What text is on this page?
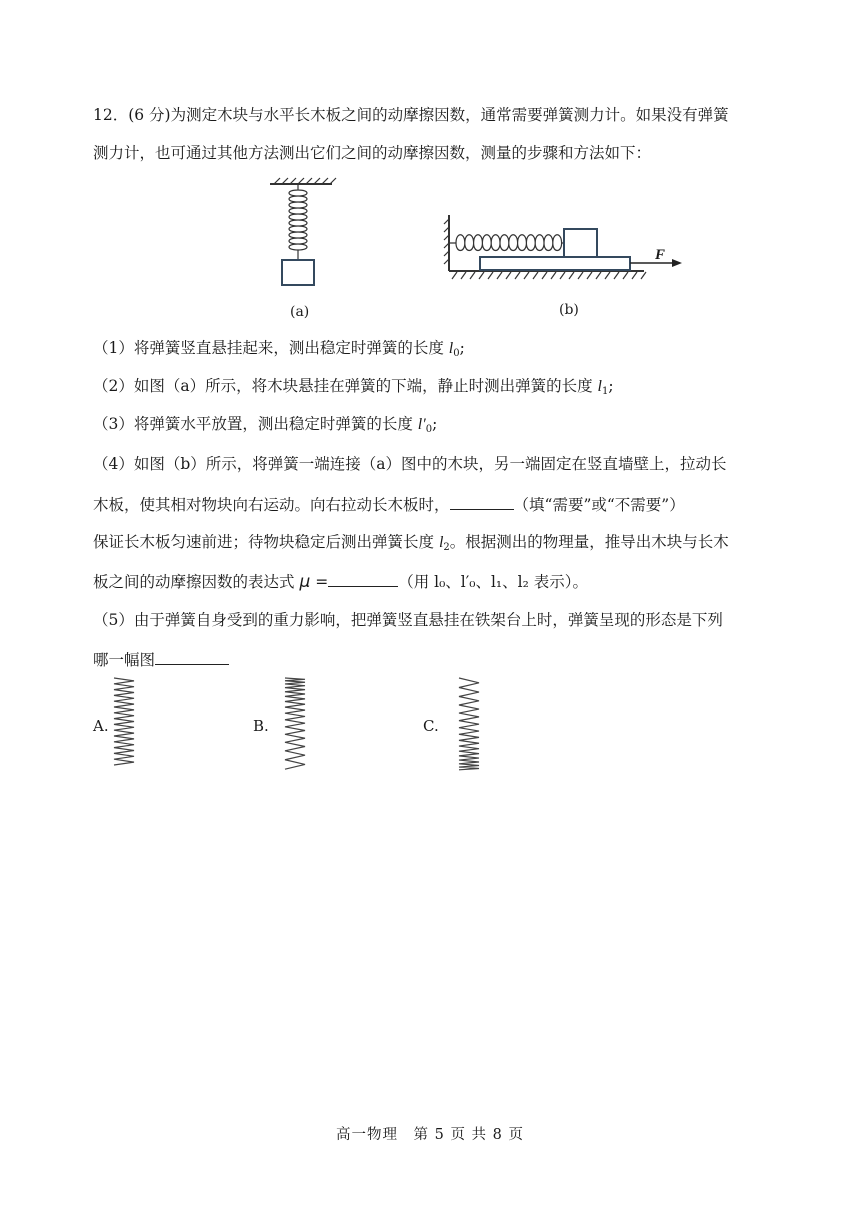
12．(6 分)为测定木块与水平长木板之间的动摩擦因数，通常需要弹簧测力计。如果没有弹簧
测力计，也可通过其他方法测出它们之间的动摩擦因数，测量的步骤和方法如下：
(a)
F
(b)
（1）将弹簧竖直悬挂起来，测出稳定时弹簧的长度 $l_0$;
（2）如图（a）所示，将木块悬挂在弹簧的下端，静止时测出弹簧的长度 $l_1$;
（3）将弹簧水平放置，测出稳定时弹簧的长度 $l'_0$;
（4）如图（b）所示，将弹簧一端连接（a）图中的木块，另一端固定在竖直墙壁上，拉动长
木板，使其相对物块向右运动。向右拉动长木板时，	（填“需要”或“不需要”）
保证长木板匀速前进；待物块稳定后测出弹簧长度 $l_2$。根据测出的物理量，推导出木块与长木
板之间的动摩擦因数的表达式 μ =	（用 l₀、l′₀、l₁、l₂ 表示）。
（5）由于弹簧自身受到的重力影响，把弹簧竖直悬挂在铁架台上时，弹簧呈现的形态是下列
哪一幅图
A.	B.	C.
高一物理　第 5 页 共 8 页
